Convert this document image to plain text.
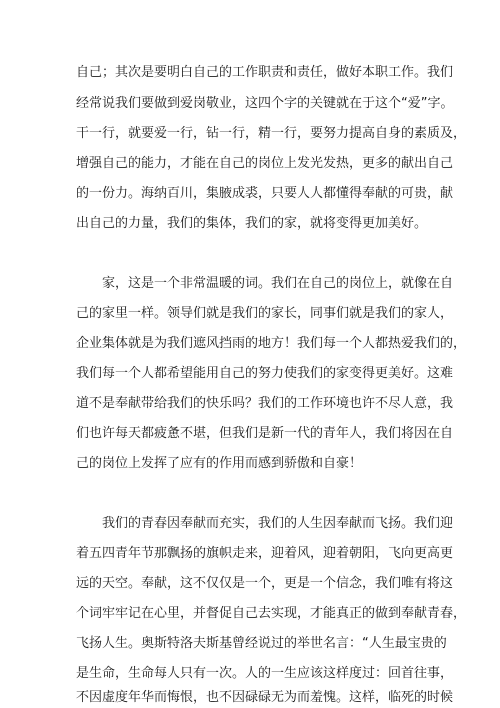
自己；其次是要明白自己的工作职责和责任，做好本职工作。我们
经常说我们要做到爱岗敬业，这四个字的关键就在于这个“爱”字。
干一行，就要爱一行，钻一行，精一行，要努力提高自身的素质及，
增强自己的能力，才能在自己的岗位上发光发热，更多的献出自己
的一份力。海纳百川，集腋成裘，只要人人都懂得奉献的可贵，献
出自己的力量，我们的集体，我们的家，就将变得更加美好。
家，这是一个非常温暖的词。我们在自己的岗位上，就像在自
己的家里一样。领导们就是我们的家长，同事们就是我们的家人，
企业集体就是为我们遮风挡雨的地方！我们每一个人都热爱我们的，
我们每一个人都希望能用自己的努力使我们的家变得更美好。这难
道不是奉献带给我们的快乐吗？我们的工作环境也许不尽人意，我
们也许每天都疲惫不堪，但我们是新一代的青年人，我们将因在自
己的岗位上发挥了应有的作用而感到骄傲和自豪！
我们的青春因奉献而充实，我们的人生因奉献而飞扬。我们迎
着五四青年节那飘扬的旗帜走来，迎着风，迎着朝阳，飞向更高更
远的天空。奉献，这不仅仅是一个，更是一个信念，我们唯有将这
个词牢牢记在心里，并督促自己去实现，才能真正的做到奉献青春，
飞扬人生。奥斯特洛夫斯基曾经说过的举世名言：“人生最宝贵的
是生命，生命每人只有一次。人的一生应该这样度过：回首往事，
不因虚度年华而悔恨，也不因碌碌无为而羞愧。这样，临死的时候
